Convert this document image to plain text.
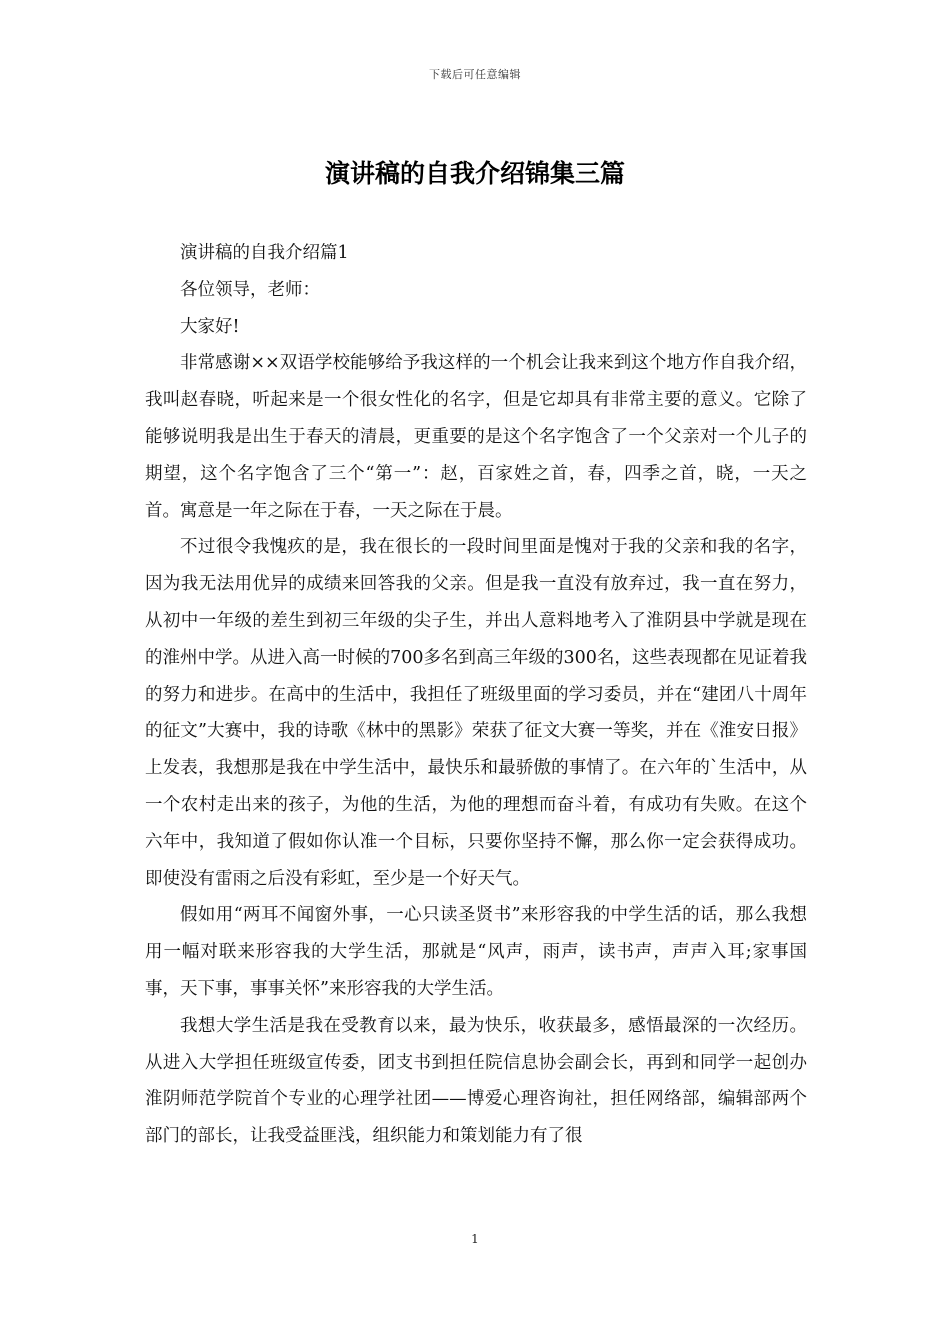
下载后可任意编辑
演讲稿的自我介绍锦集三篇

演讲稿的自我介绍篇1

各位领导，老师：

大家好!

非常感谢××双语学校能够给予我这样的一个机会让我来到这个地方作自我介绍，我叫赵春晓，听起来是一个很女性化的名字，但是它却具有非常主要的意义。它除了能够说明我是出生于春天的清晨，更重要的是这个名字饱含了一个父亲对一个儿子的期望，这个名字饱含了三个“第一”：赵，百家姓之首，春，四季之首，晓，一天之首。寓意是一年之际在于春，一天之际在于晨。

不过很令我愧疚的是，我在很长的一段时间里面是愧对于我的父亲和我的名字，因为我无法用优异的成绩来回答我的父亲。但是我一直没有放弃过，我一直在努力，从初中一年级的差生到初三年级的尖子生，并出人意料地考入了淮阴县中学就是现在的淮州中学。从进入高一时候的700多名到高三年级的300名，这些表现都在见证着我的努力和进步。在高中的生活中，我担任了班级里面的学习委员，并在“建团八十周年的征文”大赛中，我的诗歌《林中的黑影》荣获了征文大赛一等奖，并在《淮安日报》上发表，我想那是我在中学生活中，最快乐和最骄傲的事情了。在六年的`生活中，从一个农村走出来的孩子，为他的生活，为他的理想而奋斗着，有成功有失败。在这个六年中，我知道了假如你认准一个目标，只要你坚持不懈，那么你一定会获得成功。即使没有雷雨之后没有彩虹，至少是一个好天气。

假如用“两耳不闻窗外事，一心只读圣贤书”来形容我的中学生活的话，那么我想用一幅对联来形容我的大学生活，那就是“风声，雨声，读书声，声声入耳;家事国事，天下事，事事关怀”来形容我的大学生活。

我想大学生活是我在受教育以来，最为快乐，收获最多，感悟最深的一次经历。从进入大学担任班级宣传委，团支书到担任院信息协会副会长，再到和同学一起创办淮阴师范学院首个专业的心理学社团——博爱心理咨询社，担任网络部，编辑部两个部门的部长，让我受益匪浅，组织能力和策划能力有了很

1
